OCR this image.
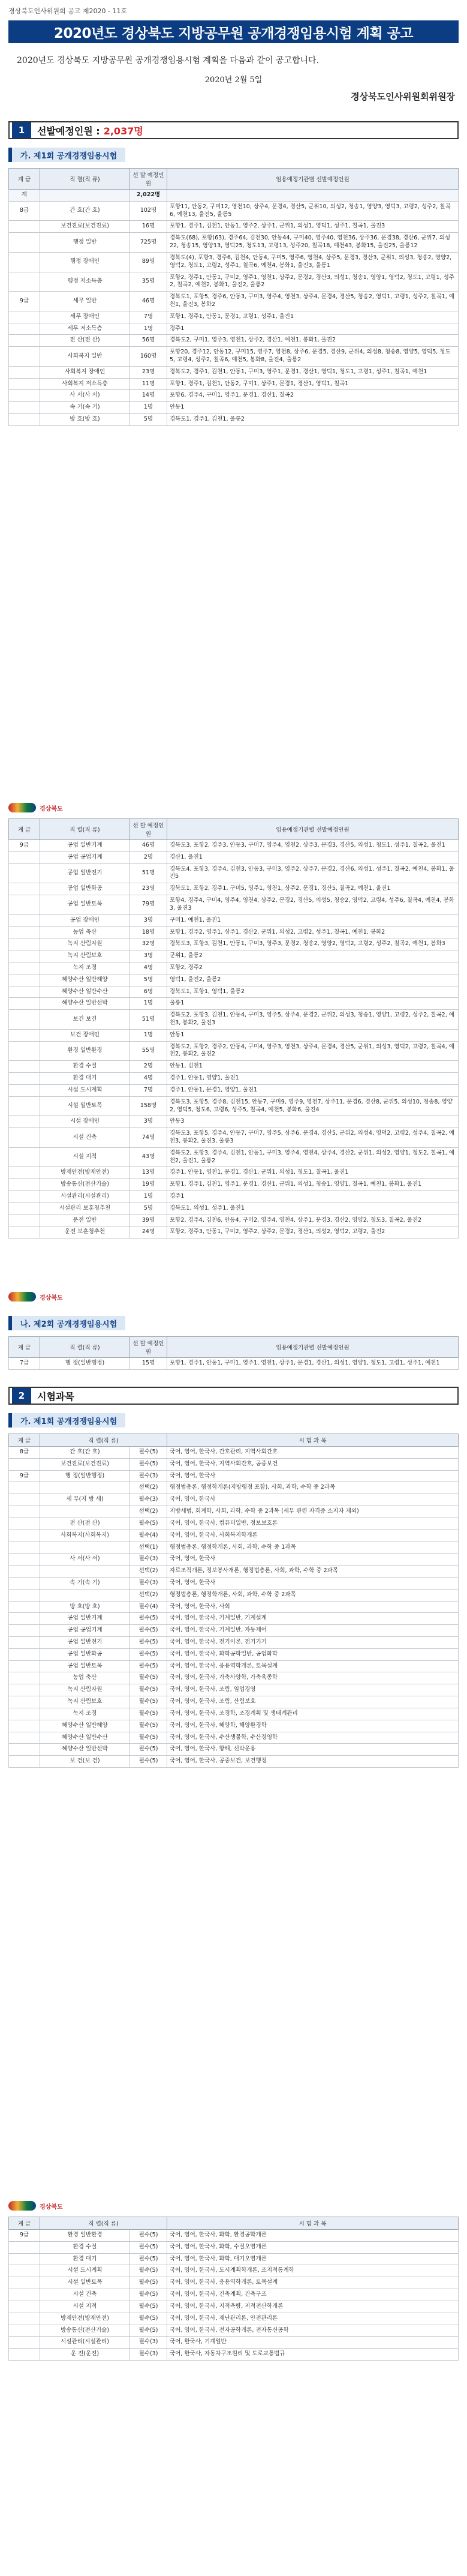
경상북도인사위원회 공고 제2020 - 11호
2020년도 경상북도 지방공무원 공개경쟁임용시험 계획 공고
2020년도 경상북도 지방공무원 공개경쟁임용시험 계획을 다음과 같이 공고합니다.
2020년 2월 5일
경상북도인사위원회위원장
1	선발예정인원 : 2,037명
가. 제1회 공개경쟁임용시험
계 급	직 렬(직 류)	선 발 예정인원	임용예정기관별 선발예정인원
계		2,022명	
8급	간 호(간 호)	102명	포항11, 안동2, 구미12, 영천10, 상주4, 문경4, 경산5, 군위10, 의성2, 청송1, 영양3, 영덕3, 고령2, 성주2, 칠곡6, 예천13, 울진5, 울릉5
	보건진료(보건진료)	16명	포항1, 경주1, 김천1, 안동1, 영주2, 상주1, 군위1, 의성1, 영덕1, 성주1, 칠곡1, 울진3
	행정 일반	725명	경북도(68), 포항(63), 경주64, 김천30, 안동44, 구미40, 영주40, 영천36, 상주36, 문경38, 경산6, 군위7, 의성22, 청송15, 영양13, 영덕25, 청도13, 고령13, 성주20, 칠곡18, 예천43, 봉화15, 울진25, 울릉12
	행정 장애인	89명	경북도(4), 포항3, 경주6, 김천4, 안동4, 구미5, 영주6, 영천4, 상주5, 문경3, 경산3, 군위1, 의성3, 청송2, 영양2, 영덕2, 청도1, 고령2, 성주1, 칠곡6, 예천4, 봉화1, 울진3, 울릉1
	행정 저소득층	35명	포항2, 경주1, 안동1, 구미2, 영주1, 영천1, 상주2, 문경2, 경산3, 의성1, 청송1, 영양1, 영덕2, 청도1, 고령1, 성주2, 칠곡2, 예천2, 봉화1, 울진2, 울릉2
9급	세무 일반	46명	경북도1, 포항5, 경주6, 안동3, 구미3, 영주4, 영천3, 상주4, 문경4, 경산5, 청송2, 영덕1, 고령1, 성주2, 칠곡1, 예천1, 울진3, 봉화2
	세무 장애인	7명	포항1, 경주1, 안동1, 문경1, 고령1, 성주1, 울진1
	세무 저소득층	1명	경주1
	전 산(전 산)	56명	경북도2, 구미1, 영주3, 영천1, 상주2, 경산1, 예천1, 봉화1, 울진2
	사회복지 일반	160명	포항20, 경주12, 안동12, 구미15, 영주7, 영천8, 상주6, 문경5, 경산9, 군위4, 의성8, 청송8, 영양5, 영덕5, 청도5, 고령4, 성주2, 칠곡6, 예천5, 봉화8, 울진4, 울릉2
	사회복지 장애인	23명	경북도2, 경주1, 김천1, 안동1, 구미3, 영주1, 문경1, 경산1, 영덕1, 청도1, 고령1, 성주1, 칠곡1, 예천1
	사회복지 저소득층	11명	포항1, 경주1, 김천1, 안동2, 구미1, 상주1, 문경1, 경산1, 영덕1, 칠곡1
	사 서(사 서)	14명	포항6, 경주4, 구미1, 영주1, 문경1, 경산1, 칠곡2
	속 기(속 기)	1명	안동1
	방 호(방 호)	5명	경북도1, 경주1, 김천1, 울릉2
경상북도
계 급	직 렬(직 류)	선 발 예정인원	임용예정기관별 선발예정인원
9급	공업 일반기계	46명	경북도3, 포항2, 경주3, 안동3, 구미7, 영주4, 영천2, 상주3, 문경3, 경산5, 의성1, 청도1, 성주1, 칠곡2, 울진1
	공업 공업기계	2명	경산1, 울진1
	공업 일반전기	51명	경북도4, 포항3, 경주4, 김천3, 안동3, 구미3, 영주2, 상주7, 문경2, 경산6, 의성1, 성주1, 칠곡2, 예천4, 봉화1, 울진5
	공업 일반화공	23명	경북도1, 포항2, 경주1, 구미5, 영주1, 영천1, 상주2, 문경1, 경산5, 칠곡2, 예천1, 울진1
	공업 일반토목	79명	포항4, 경주4, 구미4, 영주4, 영천4, 상주2, 문경2, 경산5, 의성5, 청송2, 영덕2, 고령4, 성주6, 칠곡4, 예천4, 봉화3, 울진3
	공업 장애인	3명	구미1, 예천1, 울진1
	농업 축산	18명	포항1, 경주2, 영주1, 상주1, 경산2, 군위1, 의성2, 고령2, 성주1, 칠곡1, 예천1, 봉화2
	녹지 산림자원	32명	경북도3, 포항3, 김천1, 안동1, 구미3, 영주3, 문경2, 청송2, 영양2, 영덕2, 고령2, 성주2, 칠곡2, 예천1, 봉화3
	녹지 산림보호	3명	군위1, 울릉2
	녹지 조경	4명	포항2, 경주2
	해양수산 일반해양	5명	영덕1, 울진2, 울릉2
	해양수산 일반수산	6명	경북도1, 포항1, 영덕1, 울릉2
	해양수산 일반선박	1명	울릉1
	보건 보건	51명	경북도2, 포항3, 김천1, 안동4, 구미3, 영주5, 상주4, 문경2, 군위2, 의성3, 청송1, 영양1, 고령2, 성주2, 칠곡2, 예천3, 봉화2, 울진3
	보건 장애인	1명	안동1
	환경 일반환경	55명	경북도2, 포항2, 경주2, 안동4, 구미4, 영주3, 영천3, 상주4, 문경4, 경산5, 군위1, 의성3, 영덕2, 고령2, 칠곡4, 예천2, 봉화2, 울진2
	환경 수질	2명	안동1, 김천1
	환경 대기	4명	경주1, 안동1, 영양1, 울진1
	시설 도시계획	7명	경주1, 안동1, 문경1, 영양1, 울진1
	시설 일반토목	158명	경북도3, 포항5, 경주8, 김천15, 안동7, 구미9, 영주9, 영천7, 상주11, 문경6, 경산8, 군위5, 의성10, 청송8, 영양2, 영덕5, 청도6, 고령6, 성주5, 칠곡4, 예천5, 봉화6, 울진4
	시설 장애인	3명	안동3
	시설 건축	74명	경북도3, 포항5, 경주4, 안동7, 구미7, 영주5, 상주6, 문경4, 경산5, 군위2, 의성4, 영덕2, 고령2, 성주4, 칠곡2, 예천3, 봉화2, 울진3, 울릉3
	시설 지적	43명	경북도2, 포항3, 경주4, 김천1, 안동1, 구미3, 영주4, 영천4, 상주4, 경산2, 군위1, 의성2, 영양1, 청도2, 칠곡1, 예천2, 울진1, 울릉2
	방재안전(방재안전)	13명	경주1, 안동1, 영천1, 문경1, 경산1, 군위1, 의성1, 청도1, 칠곡1, 울진1
	방송통신(전산기술)	19명	포항1, 경주1, 김천1, 영주1, 문경1, 경산1, 군위1, 의성1, 청송1, 영양1, 칠곡1, 예천1, 봉화1, 울진1
	시설관리(시설관리)	1명	경주1
	시설관리 보훈청추천	5명	경북도1, 의성1, 성주1, 울진1
	운전 일반	39명	포항2, 경주4, 김천6, 안동4, 구미2, 영주4, 영천4, 상주1, 문경3, 경산2, 영양2, 청도3, 칠곡2, 울진2
	운전 보훈청추천	24명	포항2, 경주3, 안동1, 구미2, 영주2, 상주2, 문경2, 경산1, 의성2, 영덕2, 고령2, 울진2
경상북도
나. 제2회 공개경쟁임용시험
계 급	직 렬(직 류)	선 발 예정인원	임용예정기관별 선발예정인원
7급	행 정(일반행정)	15명	포항1, 경주1, 안동1, 구미1, 영주1, 영천1, 상주1, 문경1, 경산1, 의성1, 영양1, 청도1, 고령1, 성주1, 예천1
2	시험과목
가. 제1회 공개경쟁임용시험
계 급	직 렬(직 류)		시 험 과 목
8급	간 호(간 호)	필수(5)	국어, 영어, 한국사, 간호관리, 지역사회간호
	보건진료(보건진료)	필수(5)	국어, 영어, 한국사, 지역사회간호, 공중보건
9급	행 정(일반행정)	필수(3)	국어, 영어, 한국사
		선택(2)	행정법총론, 행정학개론(지방행정 포함), 사회, 과학, 수학 중 2과목
	세 무(지 방 세)	필수(3)	국어, 영어, 한국사
		선택(2)	지방세법, 회계학, 사회, 과학, 수학 중 2과목 (세무 관련 자격증 소지자 제외)
	전 산(전 산)	필수(5)	국어, 영어, 한국사, 컴퓨터일반, 정보보호론
	사회복지(사회복지)	필수(4)	국어, 영어, 한국사, 사회복지학개론
		선택(1)	행정법총론, 행정학개론, 사회, 과학, 수학 중 1과목
	사 서(사 서)	필수(3)	국어, 영어, 한국사
		선택(2)	자료조직개론, 정보봉사개론, 행정법총론, 사회, 과학, 수학 중 2과목
	속 기(속 기)	필수(3)	국어, 영어, 한국사
		선택(2)	행정법총론, 행정학개론, 사회, 과학, 수학 중 2과목
	방 호(방 호)	필수(4)	국어, 영어, 한국사, 사회
	공업 일반기계	필수(5)	국어, 영어, 한국사, 기계일반, 기계설계
	공업 공업기계	필수(5)	국어, 영어, 한국사, 기계일반, 자동제어
	공업 일반전기	필수(5)	국어, 영어, 한국사, 전기이론, 전기기기
	공업 일반화공	필수(5)	국어, 영어, 한국사, 화학공학일반, 공업화학
	공업 일반토목	필수(5)	국어, 영어, 한국사, 응용역학개론, 토목설계
	농업 축산	필수(5)	국어, 영어, 한국사, 가축사양학, 가축육종학
	녹지 산림자원	필수(5)	국어, 영어, 한국사, 조림, 임업경영
	녹지 산림보호	필수(5)	국어, 영어, 한국사, 조림, 산림보호
	녹지 조경	필수(5)	국어, 영어, 한국사, 조경학, 조경계획 및 생태계관리
	해양수산 일반해양	필수(5)	국어, 영어, 한국사, 해양학, 해양환경학
	해양수산 일반수산	필수(5)	국어, 영어, 한국사, 수산생물학, 수산경영학
	해양수산 일반선박	필수(5)	국어, 영어, 한국사, 항해, 선박운용
	보 건(보 건)	필수(5)	국어, 영어, 한국사, 공중보건, 보건행정
경상북도
계 급	직 렬(직 류)		시 험 과 목
9급	환경 일반환경	필수(5)	국어, 영어, 한국사, 화학, 환경공학개론
	환경 수질	필수(5)	국어, 영어, 한국사, 화학, 수질오염개론
	환경 대기	필수(5)	국어, 영어, 한국사, 화학, 대기오염개론
	시설 도시계획	필수(5)	국어, 영어, 한국사, 도시계획학개론, 조지적통계학
	시설 일반토목	필수(5)	국어, 영어, 한국사, 응용역학개론, 토목설계
	시설 건축	필수(5)	국어, 영어, 한국사, 건축계획, 건축구조
	시설 지적	필수(5)	국어, 영어, 한국사, 지적측량, 지적전산학개론
	방재안전(방재안전)	필수(5)	국어, 영어, 한국사, 재난관리론, 안전관리론
	방송통신(전산기술)	필수(5)	국어, 영어, 한국사, 전자공학개론, 전자통신공학
	시설관리(시설관리)	필수(3)	국어, 한국사, 기계일반
	운 전(운전)	필수(3)	국어, 한국사, 자동차구조원리 및 도로교통법규
